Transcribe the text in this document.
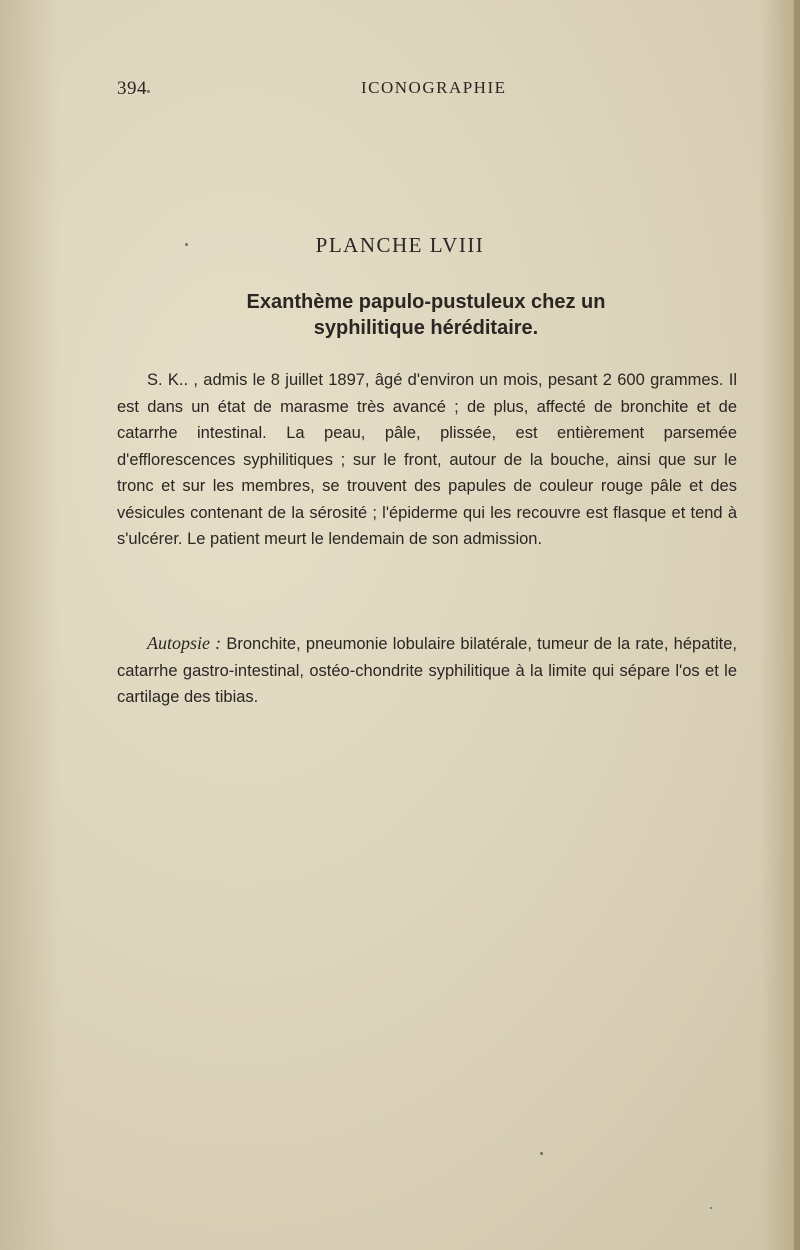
394	ICONOGRAPHIE
PLANCHE LVIII
Exanthème papulo-pustuleux chez un
syphilitique héréditaire.

S. K.. , admis le 8 juillet 1897, âgé d'environ un mois, pesant 2 600 grammes. Il est dans un état de marasme très avancé ; de plus, affecté de bronchite et de catarrhe intestinal. La peau, pâle, plissée, est entièrement parsemée d'efflorescences syphilitiques ; sur le front, autour de la bouche, ainsi que sur le tronc et sur les membres, se trouvent des papules de couleur rouge pâle et des vésicules contenant de la sérosité ; l'épiderme qui les recouvre est flasque et tend à s'ulcérer. Le patient meurt le lendemain de son admission.

Autopsie : Bronchite, pneumonie lobulaire bilatérale, tumeur de la rate, hépatite, catarrhe gastro-intestinal, ostéo-chondrite syphilitique à la limite qui sépare l'os et le cartilage des tibias.
